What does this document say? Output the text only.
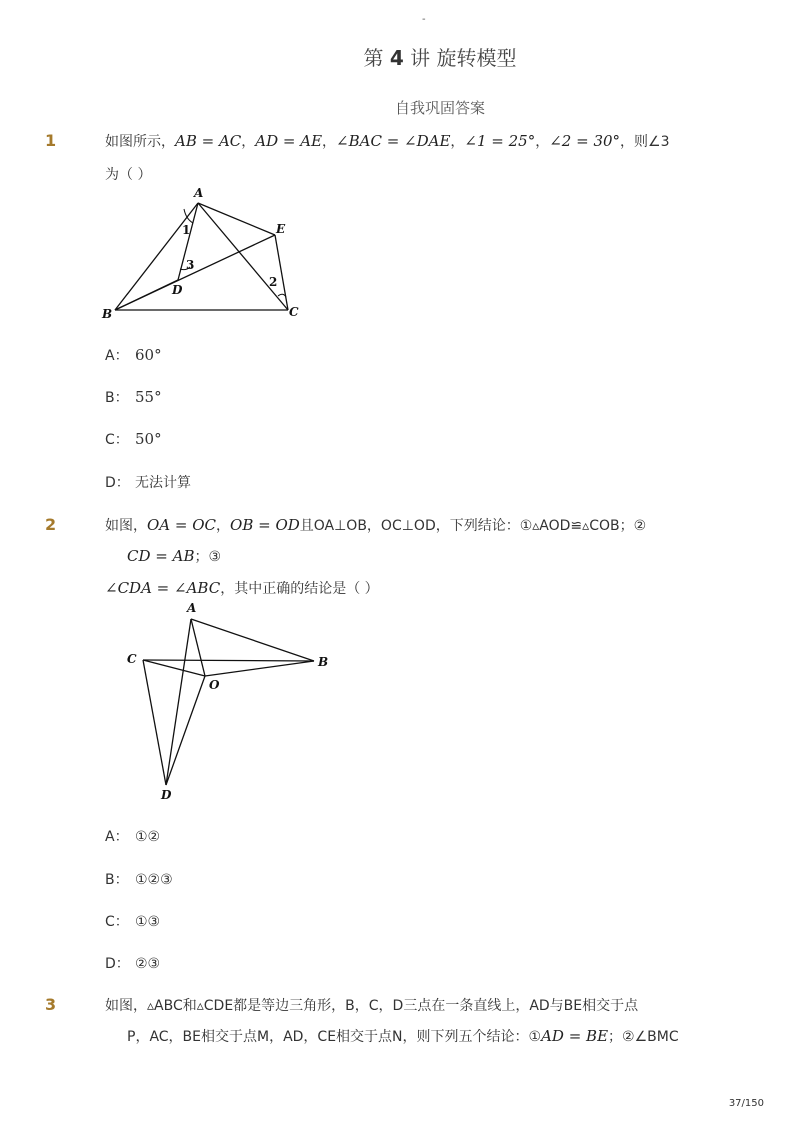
-
第 4 讲 旋转模型
自我巩固答案
1	如图所示，AB = AC，AD = AE，∠BAC = ∠DAE，∠1 = 25°，∠2 = 30°，则∠3
为（ ）
A
B	C
D
E
1
3
2
A： 60°
B： 55°
C： 50°
D： 无法计算
2	如图，OA = OC，OB = OD且OA⊥OB，OC⊥OD，下列结论：①▵AOD≌▵COB；②
CD = AB；③
∠CDA = ∠ABC，其中正确的结论是（ ）
A
B
C
D
O
A： ①②
B： ①②③
C： ①③
D： ②③
3	如图，▵ABC和▵CDE都是等边三角形，B，C，D三点在一条直线上，AD与BE相交于点
P，AC，BE相交于点M，AD，CE相交于点N，则下列五个结论：①AD = BE；②∠BMC
37/150
